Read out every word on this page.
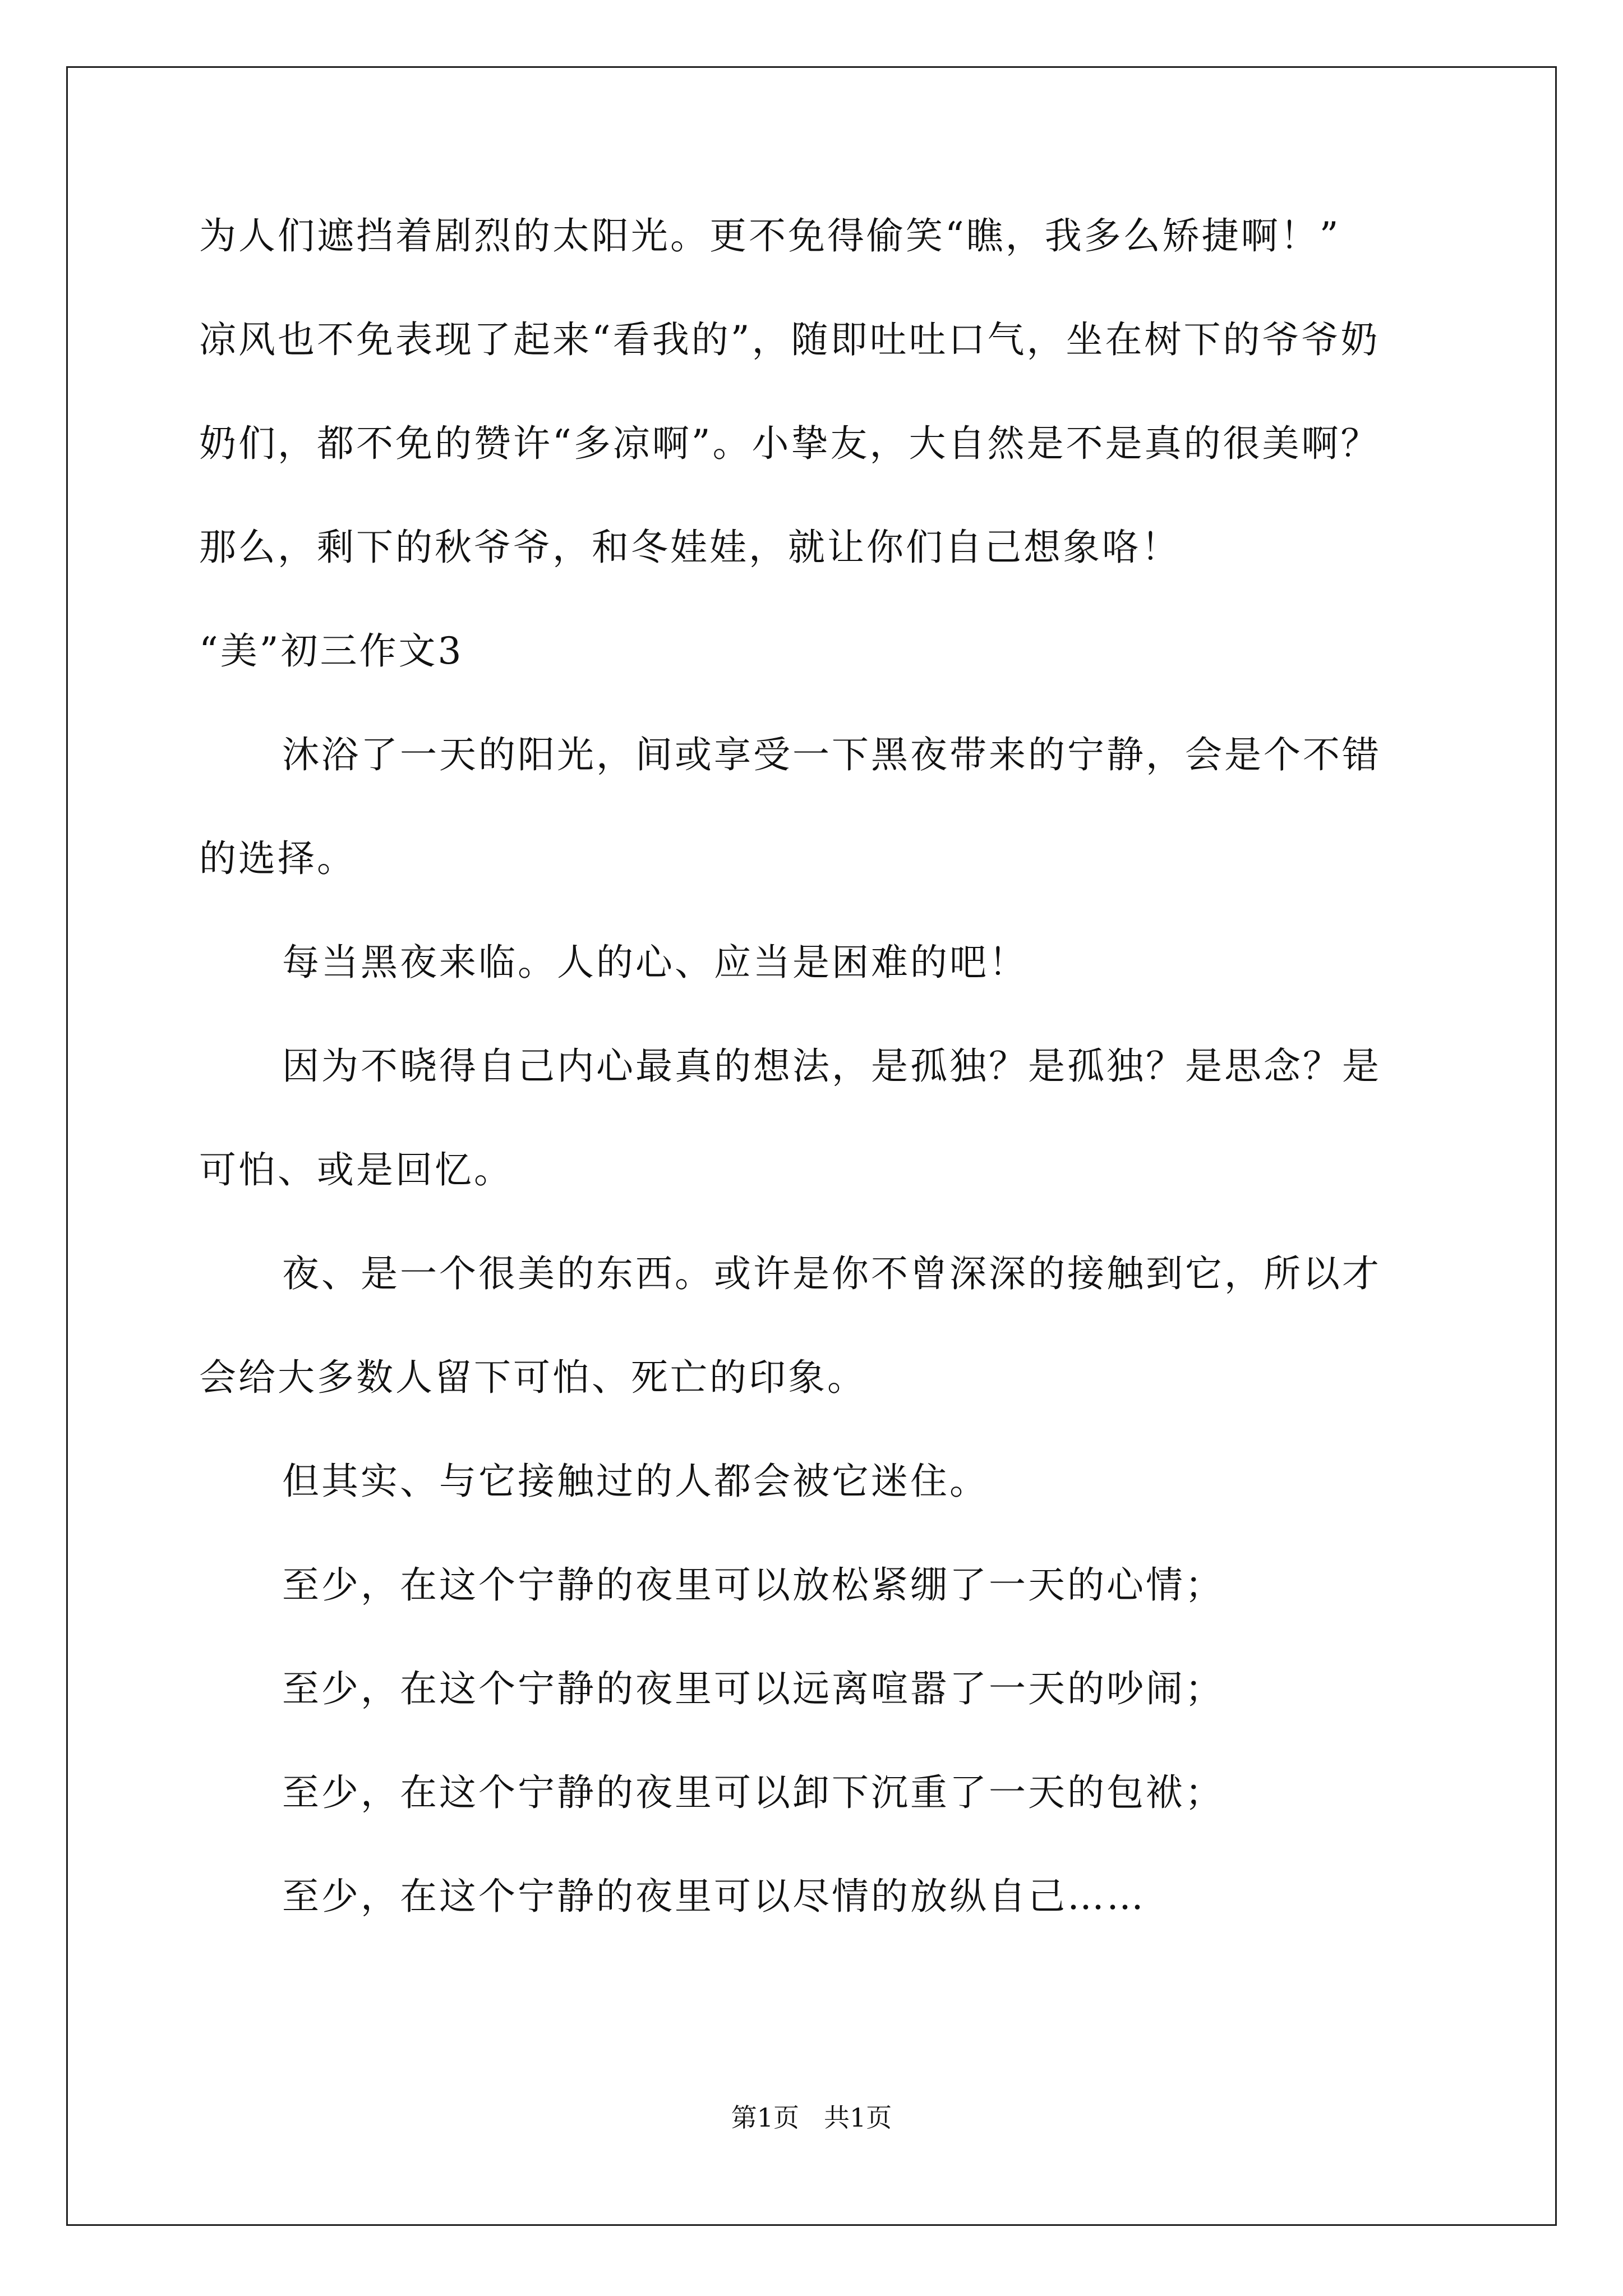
为人们遮挡着剧烈的太阳光。更不免得偷笑“瞧，我多么矫捷啊！”
凉风也不免表现了起来“看我的”，随即吐吐口气，坐在树下的爷爷奶
奶们，都不免的赞许“多凉啊”。小挚友，大自然是不是真的很美啊？
那么，剩下的秋爷爷，和冬娃娃，就让你们自己想象咯！
“美”初三作文3
沐浴了一天的阳光，间或享受一下黑夜带来的宁静，会是个不错
的选择。
每当黑夜来临。人的心、应当是困难的吧！
因为不晓得自己内心最真的想法，是孤独？是孤独？是思念？是
可怕、或是回忆。
夜、是一个很美的东西。或许是你不曾深深的接触到它，所以才
会给大多数人留下可怕、死亡的印象。
但其实、与它接触过的人都会被它迷住。
至少，在这个宁静的夜里可以放松紧绷了一天的心情；
至少，在这个宁静的夜里可以远离喧嚣了一天的吵闹；
至少，在这个宁静的夜里可以卸下沉重了一天的包袱；
至少，在这个宁静的夜里可以尽情的放纵自己……
第1页 共1页
